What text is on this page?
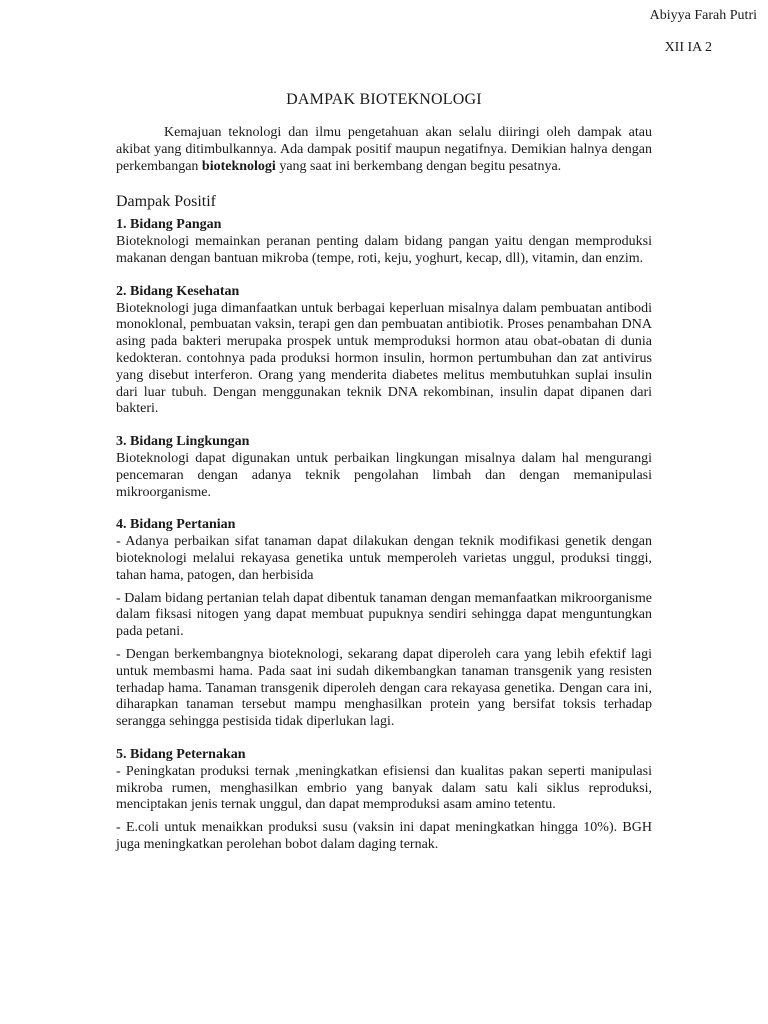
Abiyya Farah Putri
XII IA 2
DAMPAK BIOTEKNOLOGI

Kemajuan teknologi dan ilmu pengetahuan akan selalu diiringi oleh dampak atau akibat yang ditimbulkannya. Ada dampak positif maupun negatifnya. Demikian halnya dengan perkembangan bioteknologi yang saat ini berkembang dengan begitu pesatnya.

Dampak Positif

1. Bidang Pangan

Bioteknologi memainkan peranan penting dalam bidang pangan yaitu dengan memproduksi makanan dengan bantuan mikroba (tempe, roti, keju, yoghurt, kecap, dll), vitamin, dan enzim.

2. Bidang Kesehatan

Bioteknologi juga dimanfaatkan untuk berbagai keperluan misalnya dalam pembuatan antibodi monoklonal, pembuatan vaksin, terapi gen dan pembuatan antibiotik. Proses penambahan DNA asing pada bakteri merupaka prospek untuk memproduksi hormon atau obat-obatan di dunia kedokteran. contohnya pada produksi hormon insulin, hormon pertumbuhan dan zat antivirus yang disebut interferon. Orang yang menderita diabetes melitus membutuhkan suplai insulin dari luar tubuh. Dengan menggunakan teknik DNA rekombinan, insulin dapat dipanen dari bakteri.

3. Bidang Lingkungan

Bioteknologi dapat digunakan untuk perbaikan lingkungan misalnya dalam hal mengurangi pencemaran dengan adanya teknik pengolahan limbah dan dengan memanipulasi mikroorganisme.

4. Bidang Pertanian

- Adanya perbaikan sifat tanaman dapat dilakukan dengan teknik modifikasi genetik dengan bioteknologi melalui rekayasa genetika untuk memperoleh varietas unggul, produksi tinggi, tahan hama, patogen, dan herbisida

- Dalam bidang pertanian telah dapat dibentuk tanaman dengan memanfaatkan mikroorganisme dalam fiksasi nitogen yang dapat membuat pupuknya sendiri sehingga dapat menguntungkan pada petani.

- Dengan berkembangnya bioteknologi, sekarang dapat diperoleh cara yang lebih efektif lagi untuk membasmi hama. Pada saat ini sudah dikembangkan tanaman transgenik yang resisten terhadap hama. Tanaman transgenik diperoleh dengan cara rekayasa genetika. Dengan cara ini, diharapkan tanaman tersebut mampu menghasilkan protein yang bersifat toksis terhadap serangga sehingga pestisida tidak diperlukan lagi.

5. Bidang Peternakan

- Peningkatan produksi ternak ,meningkatkan efisiensi dan kualitas pakan seperti manipulasi mikroba rumen, menghasilkan embrio yang banyak dalam satu kali siklus reproduksi, menciptakan jenis ternak unggul, dan dapat memproduksi asam amino tetentu.

- E.coli untuk menaikkan produksi susu (vaksin ini dapat meningkatkan hingga 10%). BGH juga meningkatkan perolehan bobot dalam daging ternak.
